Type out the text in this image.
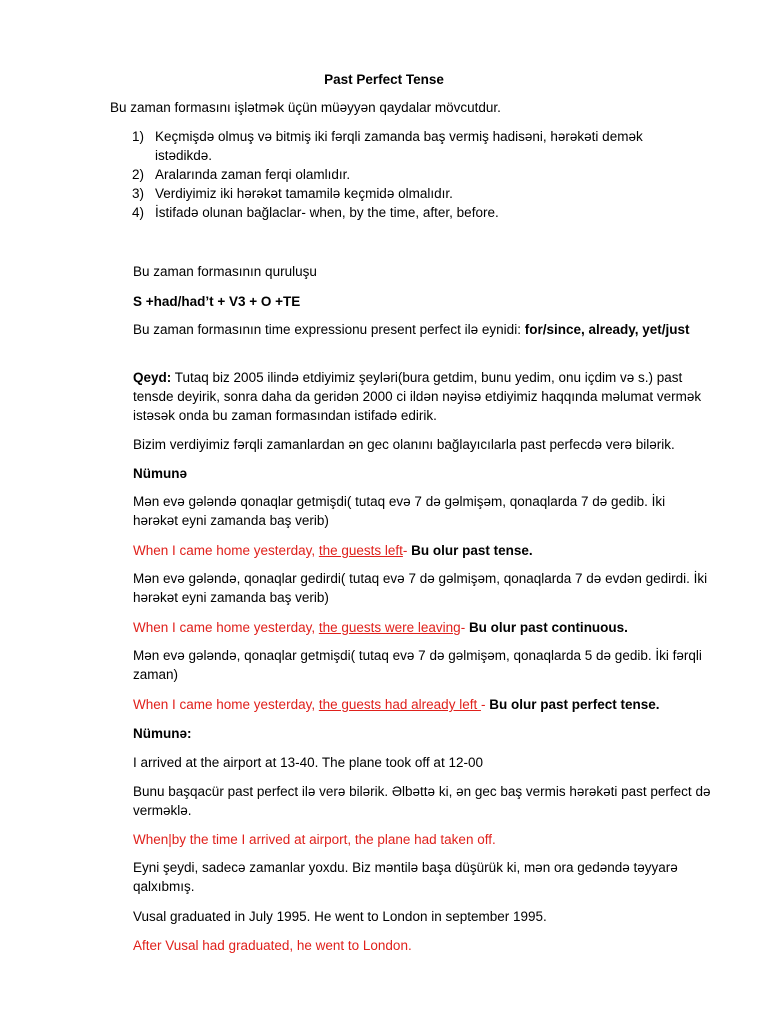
Past Perfect Tense
Bu zaman formasını işlətmək üçün müəyyən qaydalar mövcutdur.
1) Keçmişdə olmuş və bitmiş iki fərqli zamanda baş vermiş hadisəni, hərəkəti demək istədikdə.
2) Aralarında zaman ferqi olamlıdır.
3) Verdiyimiz iki hərəkət tamamilə keçmidə olmalıdır.
4) İstifadə olunan bağlaclar- when, by the time, after, before.
Bu zaman formasının quruluşu
S +had/had’t + V3 + O +TE
Bu zaman formasının time expressionu present perfect ilə eynidi: for/since, already, yet/just
Qeyd: Tutaq biz 2005 ilində etdiyimiz şeyləri(bura getdim, bunu yedim, onu içdim və s.) past tensde deyirik, sonra daha da geridən 2000 ci ildən nəyisə etdiyimiz haqqında məlumat vermək istəsək onda bu zaman formasından istifadə edirik.
Bizim verdiyimiz fərqli zamanlardan ən gec olanını bağlayıcılarla past perfecdə verə bilərik.
Nümunə
Mən evə gələndə qonaqlar getmişdi( tutaq evə 7 də gəlmişəm, qonaqlarda 7 də gedib. İki hərəkət eyni zamanda baş verib)
When I came home yesterday, the guests left- Bu olur past tense.
Mən evə gələndə, qonaqlar gedirdi( tutaq evə 7 də gəlmişəm, qonaqlarda 7 də evdən gedirdi. İki hərəkət eyni zamanda baş verib)
When I came home yesterday, the guests were leaving- Bu olur past continuous.
Mən evə gələndə, qonaqlar getmişdi( tutaq evə 7 də gəlmişəm, qonaqlarda 5 də gedib. İki fərqli zaman)
When I came home yesterday, the guests had already left - Bu olur past perfect tense.
Nümunə:
I arrived at the airport at 13-40. The plane took off at 12-00
Bunu başqacür past perfect ilə verə bilərik. Əlbəttə ki, ən gec baş vermis hərəkəti past perfect də verməklə.
When|by the time I arrived at airport, the plane had taken off.
Eyni şeydi, sadecə zamanlar yoxdu. Biz məntilə başa düşürük ki, mən ora gedəndə təyyarə qalxıbmış.
Vusal graduated in July 1995. He went to London in september 1995.
After Vusal had graduated, he went to London.
